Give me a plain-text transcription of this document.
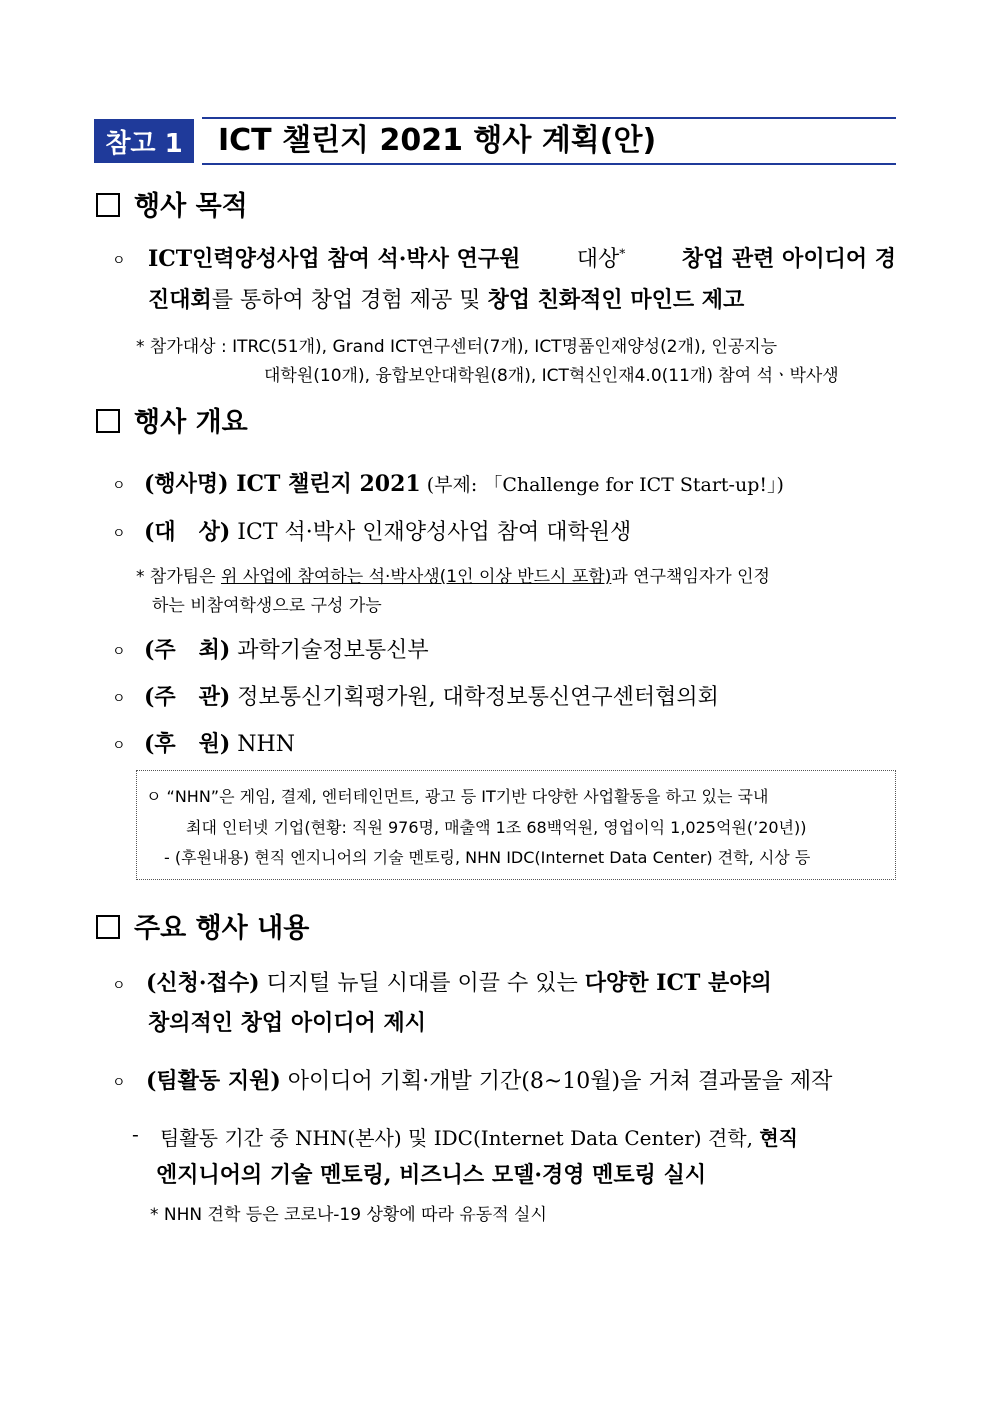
참고 1 ICT 챌린지 2021 행사 계획(안)
행사 목적
ㅇ ICT인력양성사업 참여 석·박사 연구원	대상*	창업 관련 아이디어 경
진대회를 통하여 창업 경험 제공 및 창업 친화적인 마인드 제고
* 참가대상 : ITRC(51개), Grand ICT연구센터(7개), ICT명품인재양성(2개), 인공지능
대학원(10개), 융합보안대학원(8개), ICT혁신인재4.0(11개) 참여 석ㆍ박사생
행사 개요
ㅇ (행사명) ICT 챌린지 2021 (부제: 「Challenge for ICT Start-up!」)
ㅇ (대   상) ICT 석·박사 인재양성사업 참여 대학원생
* 참가팀은 위 사업에 참여하는 석·박사생(1인 이상 반드시 포함)과 연구책임자가 인정
하는 비참여학생으로 구성 가능
ㅇ (주   최) 과학기술정보통신부
ㅇ (주   관) 정보통신기획평가원, 대학정보통신연구센터협의회
ㅇ (후   원) NHN
ㅇ “NHN”은 게임, 결제, 엔터테인먼트, 광고 등 IT기반 다양한 사업활동을 하고 있는 국내
최대 인터넷 기업(현황: 직원 976명, 매출액 1조 68백억원, 영업이익 1,025억원(’20년))
- (후원내용) 현직 엔지니어의 기술 멘토링, NHN IDC(Internet Data Center) 견학, 시상 등
주요 행사 내용
ㅇ (신청·접수) 디지털 뉴딜 시대를 이끌 수 있는 다양한 ICT 분야의
창의적인 창업 아이디어 제시
ㅇ (팀활동 지원) 아이디어 기획·개발 기간(8~10월)을 거쳐 결과물을 제작
- 팀활동 기간 중 NHN(본사) 및 IDC(Internet Data Center) 견학, 현직
엔지니어의 기술 멘토링, 비즈니스 모델·경영 멘토링 실시
* NHN 견학 등은 코로나-19 상황에 따라 유동적 실시
